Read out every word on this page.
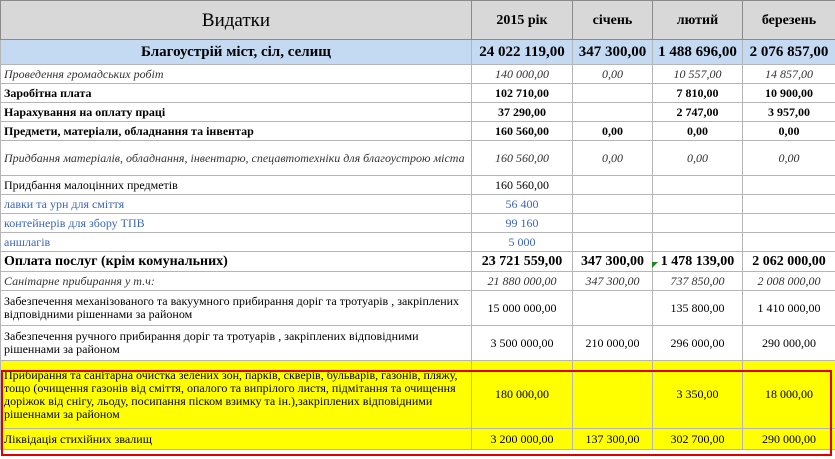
Видатки	2015 рік	січень	лютий	березень
Благоустрій міст, сіл, селищ	24 022 119,00	347 300,00	1 488 696,00	2 076 857,00
Проведення громадських робіт	140 000,00	0,00	10 557,00	14 857,00
Заробітна плата	102 710,00		7 810,00	10 900,00
Нарахування на оплату праці	37 290,00		2 747,00	3 957,00
Предмети, матеріали, обладнання та інвентар	160 560,00	0,00	0,00	0,00
Придбання матеріалів, обладнання, інвентарю, спецавтотехніки для благоустрою міста	160 560,00	0,00	0,00	0,00
Придбання малоцінних предметів	160 560,00			
лавки та урн для сміття	56 400			
контейнерів для збору ТПВ	99 160			
аншлагів	5 000			
Оплата послуг (крім комунальних)	23 721 559,00	347 300,00	1 478 139,00	2 062 000,00
Санітарне прибирання у т.ч:	21 880 000,00	347 300,00	737 850,00	2 008 000,00
Забезпечення механізованого та вакуумного прибирання доріг та тротуарів , закріплених відповідними рішеннами за районом	15 000 000,00		135 800,00	1 410 000,00
Забезпечення ручного прибирання доріг та тротуарів , закріплених відповідними рішеннами за районом	3 500 000,00	210 000,00	296 000,00	290 000,00
Прибирання та санітарна очистка зелених зон, парків, скверів, бульварів, газонів, пляжу, тощо (очищення газонів від сміття, опалого та випрілого листя, підмітання та очищення доріжок від снігу, льоду, посипання піском взимку та ін.),закріплених відповідними рішеннами за районом	180 000,00		3 350,00	18 000,00
Ліквідація стихійних звалищ	3 200 000,00	137 300,00	302 700,00	290 000,00
